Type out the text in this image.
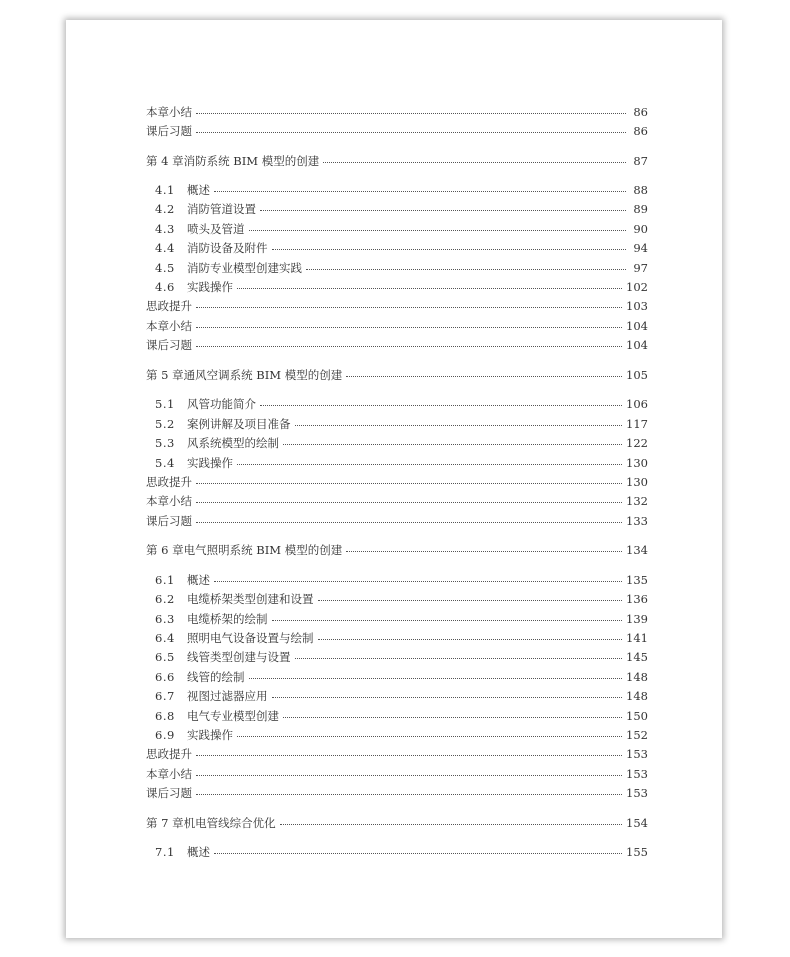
本章小结	86
课后习题	86
第 4 章 消防系统 BIM 模型的创建	87
4.1	概述	88
4.2	消防管道设置	89
4.3	喷头及管道	90
4.4	消防设备及附件	94
4.5	消防专业模型创建实践	97
4.6	实践操作	102
思政提升	103
本章小结	104
课后习题	104
第 5 章 通风空调系统 BIM 模型的创建	105
5.1	风管功能简介	106
5.2	案例讲解及项目准备	117
5.3	风系统模型的绘制	122
5.4	实践操作	130
思政提升	130
本章小结	132
课后习题	133
第 6 章 电气照明系统 BIM 模型的创建	134
6.1	概述	135
6.2	电缆桥架类型创建和设置	136
6.3	电缆桥架的绘制	139
6.4	照明电气设备设置与绘制	141
6.5	线管类型创建与设置	145
6.6	线管的绘制	148
6.7	视图过滤器应用	148
6.8	电气专业模型创建	150
6.9	实践操作	152
思政提升	153
本章小结	153
课后习题	153
第 7 章 机电管线综合优化	154
7.1	概述	155
